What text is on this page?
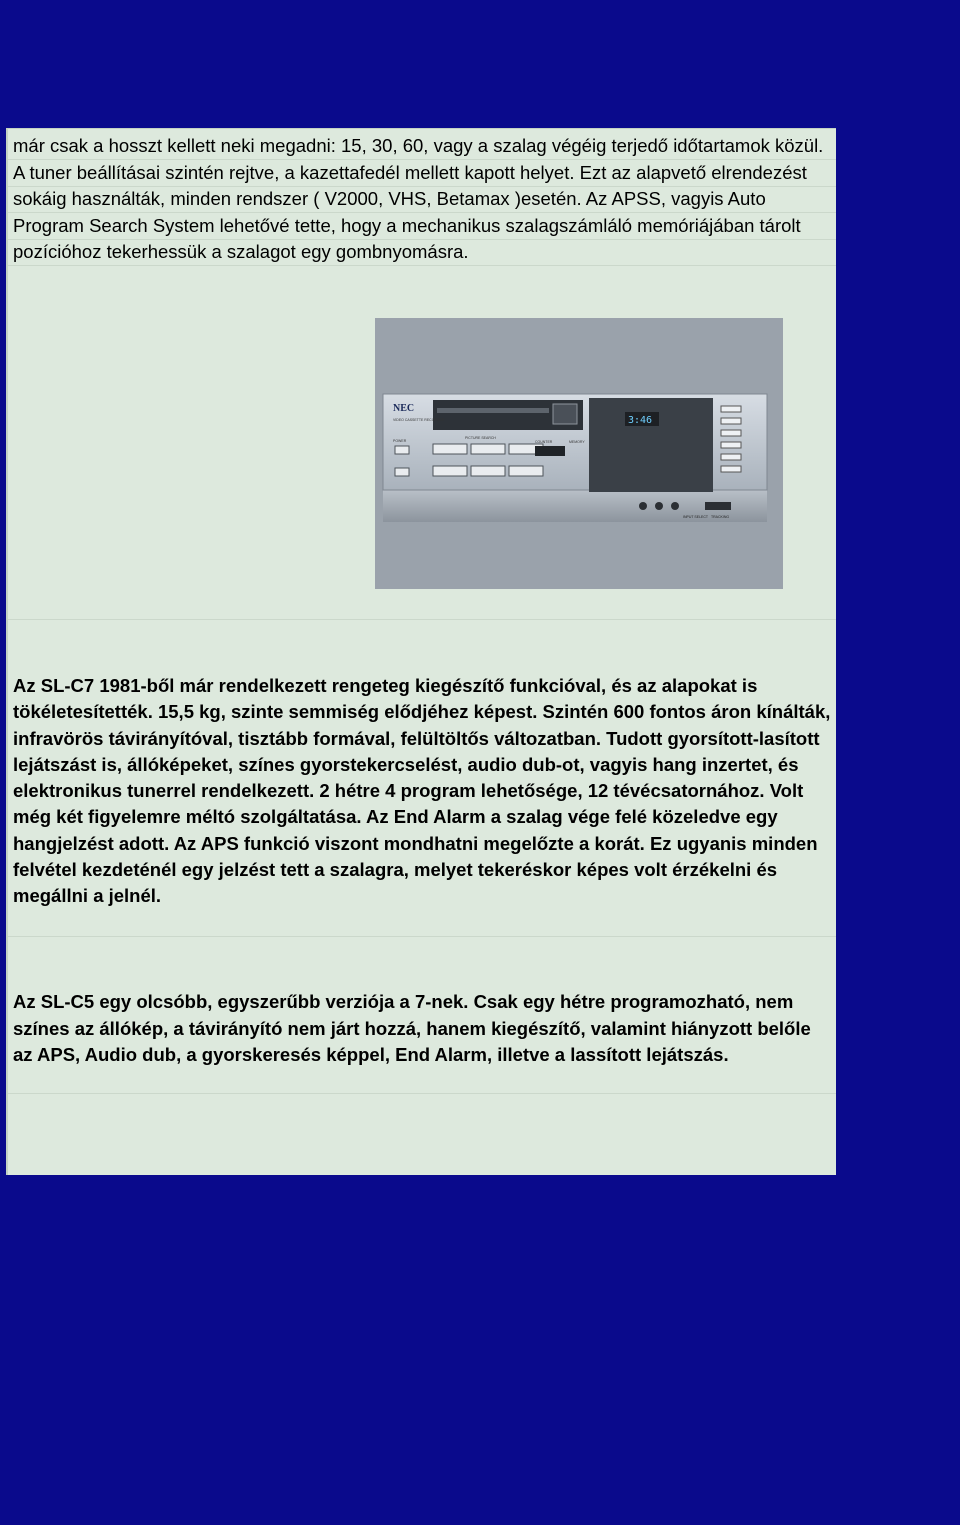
már csak a hosszt kellett neki megadni: 15, 30, 60, vagy a szalag végéig terjedő időtartamok közül. A tuner beállításai szintén rejtve, a kazettafedél mellett kapott helyet. Ezt az alapvető elrendezést sokáig használták, minden rendszer ( V2000, VHS, Betamax )esetén. Az APSS, vagyis Auto Program Search System lehetővé tette, hogy a mechanikus szalagszámláló memóriájában tárolt pozícióhoz tekerhessük a szalagot egy gombnyomásra.

3:46
NEC
VIDEO CASSETTE RECORDER
POWER
PICTURE SEARCH
COUNTER	MEMORY
INPUT SELECT TRACKING

Az SL-C7 1981-ből már rendelkezett rengeteg kiegészítő funkcióval, és az alapokat is tökéletesítették. 15,5 kg, szinte semmiség elődjéhez képest. Szintén 600 fontos áron kínálták, infravörös távirányítóval, tisztább formával, felültöltős változatban. Tudott gyorsított-lasított lejátszást is, állóképeket, színes gyorstekercselést, audio dub-ot, vagyis hang inzertet, és elektronikus tunerrel rendelkezett. 2 hétre 4 program lehetősége, 12 tévécsatornához. Volt még két figyelemre méltó szolgáltatása. Az End Alarm a szalag vége felé közeledve egy hangjelzést adott. Az APS funkció viszont mondhatni megelőzte a korát. Ez ugyanis minden felvétel kezdeténél egy jelzést tett a szalagra, melyet tekeréskor képes volt érzékelni és megállni a jelnél.

Az SL-C5 egy olcsóbb, egyszerűbb verziója a 7-nek. Csak egy hétre programozható, nem színes az állókép, a távirányító nem járt hozzá, hanem kiegészítő, valamint hiányzott belőle az APS, Audio dub, a gyorskeresés képpel, End Alarm, illetve a lassított lejátszás.
